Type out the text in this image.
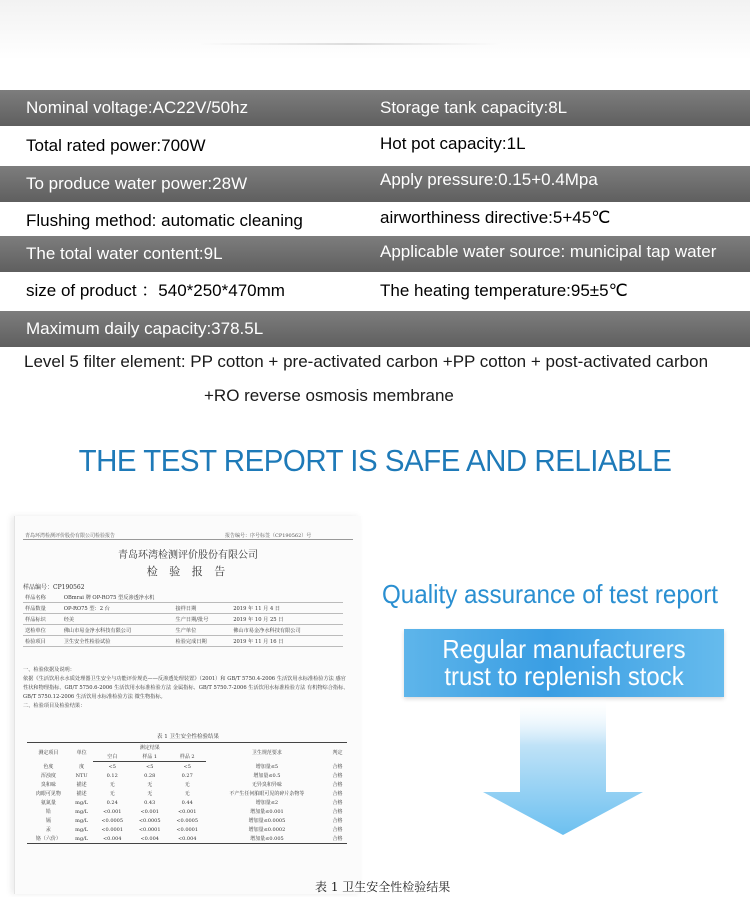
Nominal voltage:AC22V/50hz	Storage tank capacity:8L
Total rated power:700W	Hot pot capacity:1L
To produce water power:28W	Apply pressure:0.15+0.4Mpa
Flushing method: automatic cleaning	airworthiness directive:5+45℃
The total water content:9L	Applicable water source: municipal tap water
size of product ：540*250*470mm	The heating temperature:95±5℃
Maximum daily capacity:378.5L
Level 5 filter element: PP cotton + pre-activated carbon +PP cotton + post-activated carbon
+RO reverse osmosis membrane
THE TEST REPORT IS SAFE AND RELIABLE
青岛环湾检测评价股份有限公司检验报告	报告编号：序号标签（CP190562）号
青岛环湾检测评价股份有限公司
检 验 报 告
样品编号：CP190562
样品名称	OBmrai 牌 OP-RO75 型反渗透净水机		
样品数量	OP-RO75 型：2 台	接样日期	2019 年 11 月 4 日
样品标识	经美	生产日期/批号	2019 年 10 月 25 日
送检单位	佛山市易金净水科技有限公司	生产单位	佛山市易金净水科技有限公司
检验项目	卫生安全性检验试验	检验完成日期	2019 年 11 月 16 日
一、检验依据及说明：
依据《生活饮用水水质处理器卫生安全与功能评价规范——反渗透处理装置》（2001）和 GB/T 5750.4-2006 生活饮用水标准检验方法 感官性状和物理指标、GB/T 5750.6-2006 生活饮用水标准检验方法 金属指标、GB/T 5750.7-2006 生活饮用水标准检验方法 有机物综合指标、GB/T 5750.12-2006 生活饮用水标准检验方法 微生物指标。
二、检验项目及检验结果：
表 1 卫生安全性检验结果
测定项目	单位	测定结果			卫生规范要求	判定
		空白	样品 1	样品 2		
色度	度	<5	<5	<5	增加量≤5	合格
浑浊度	NTU	0.12	0.28	0.27	增加量≤0.5	合格
臭和味	描述	无	无	无	无异臭和异味	合格
肉眼可见物	描述	无	无	无	不产生任何胉眼可见的碎片杂物等	合格
氨氮量	mg/L	0.24	0.43	0.44	增加量≤2	合格
铅	mg/L	<0.001	<0.001	<0.001	增加量≤0.001	合格
镉	mg/L	<0.0005	<0.0005	<0.0005	增加量≤0.0005	合格
汞	mg/L	<0.0001	<0.0001	<0.0001	增加量≤0.0002	合格
铬（六价）	mg/L	<0.004	<0.004	<0.004	增加量≤0.005	合格
表 1 卫生安全性检验结果
Quality assurance of test report
Regular manufacturers
trust to replenish stock
